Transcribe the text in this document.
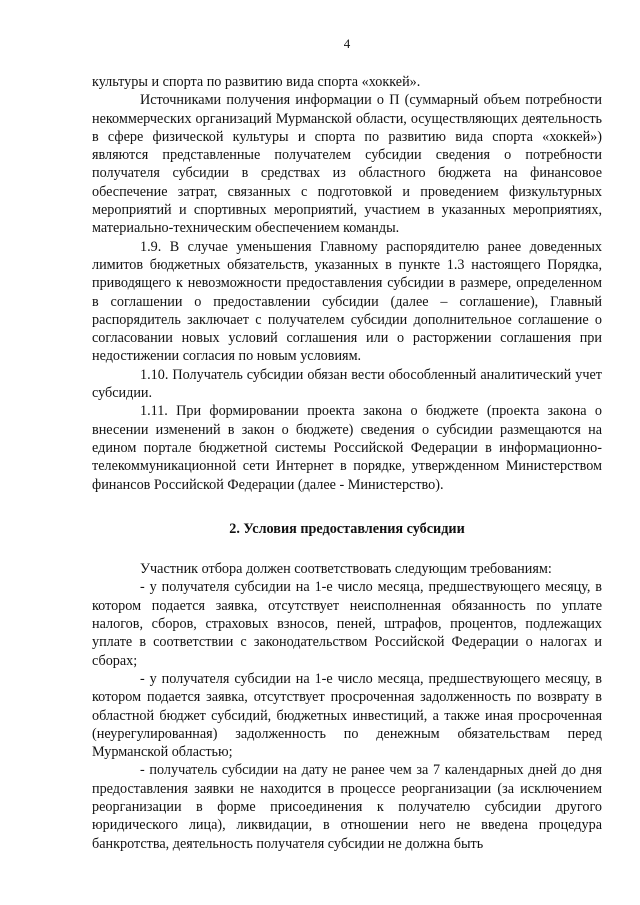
4

культуры и спорта по развитию вида спорта «хоккей».

Источниками получения информации о П (суммарный объем потребности некоммерческих организаций Мурманской области, осуществляющих деятельность в сфере физической культуры и спорта по развитию вида спорта «хоккей») являются представленные получателем субсидии сведения о потребности получателя субсидии в средствах из областного бюджета на финансовое обеспечение затрат, связанных с подготовкой и проведением физкультурных мероприятий и спортивных мероприятий, участием в указанных мероприятиях, материально-техническим обеспечением команды.

1.9. В случае уменьшения Главному распорядителю ранее доведенных лимитов бюджетных обязательств, указанных в пункте 1.3 настоящего Порядка, приводящего к невозможности предоставления субсидии в размере, определенном в соглашении о предоставлении субсидии (далее – соглашение), Главный распорядитель заключает с получателем субсидии дополнительное соглашение о согласовании новых условий соглашения или о расторжении соглашения при недостижении согласия по новым условиям.

1.10. Получатель субсидии обязан вести обособленный аналитический учет субсидии.

1.11. При формировании проекта закона о бюджете (проекта закона о внесении изменений в закон о бюджете) сведения о субсидии размещаются на едином портале бюджетной системы Российской Федерации в информационно-телекоммуникационной сети Интернет в порядке, утвержденном Министерством финансов Российской Федерации (далее - Министерство).

2. Условия предоставления субсидии

Участник отбора должен соответствовать следующим требованиям:

- у получателя субсидии на 1-е число месяца, предшествующего месяцу, в котором подается заявка, отсутствует неисполненная обязанность по уплате налогов, сборов, страховых взносов, пеней, штрафов, процентов, подлежащих уплате в соответствии с законодательством Российской Федерации о налогах и сборах;

- у получателя субсидии на 1-е число месяца, предшествующего месяцу, в котором подается заявка, отсутствует просроченная задолженность по возврату в областной бюджет субсидий, бюджетных инвестиций, а также иная просроченная (неурегулированная) задолженность по денежным обязательствам перед Мурманской областью;

- получатель субсидии на дату не ранее чем за 7 календарных дней до дня предоставления заявки не находится в процессе реорганизации (за исключением реорганизации в форме присоединения к получателю субсидии другого юридического лица), ликвидации, в отношении него не введена процедура банкротства, деятельность получателя субсидии не должна быть
